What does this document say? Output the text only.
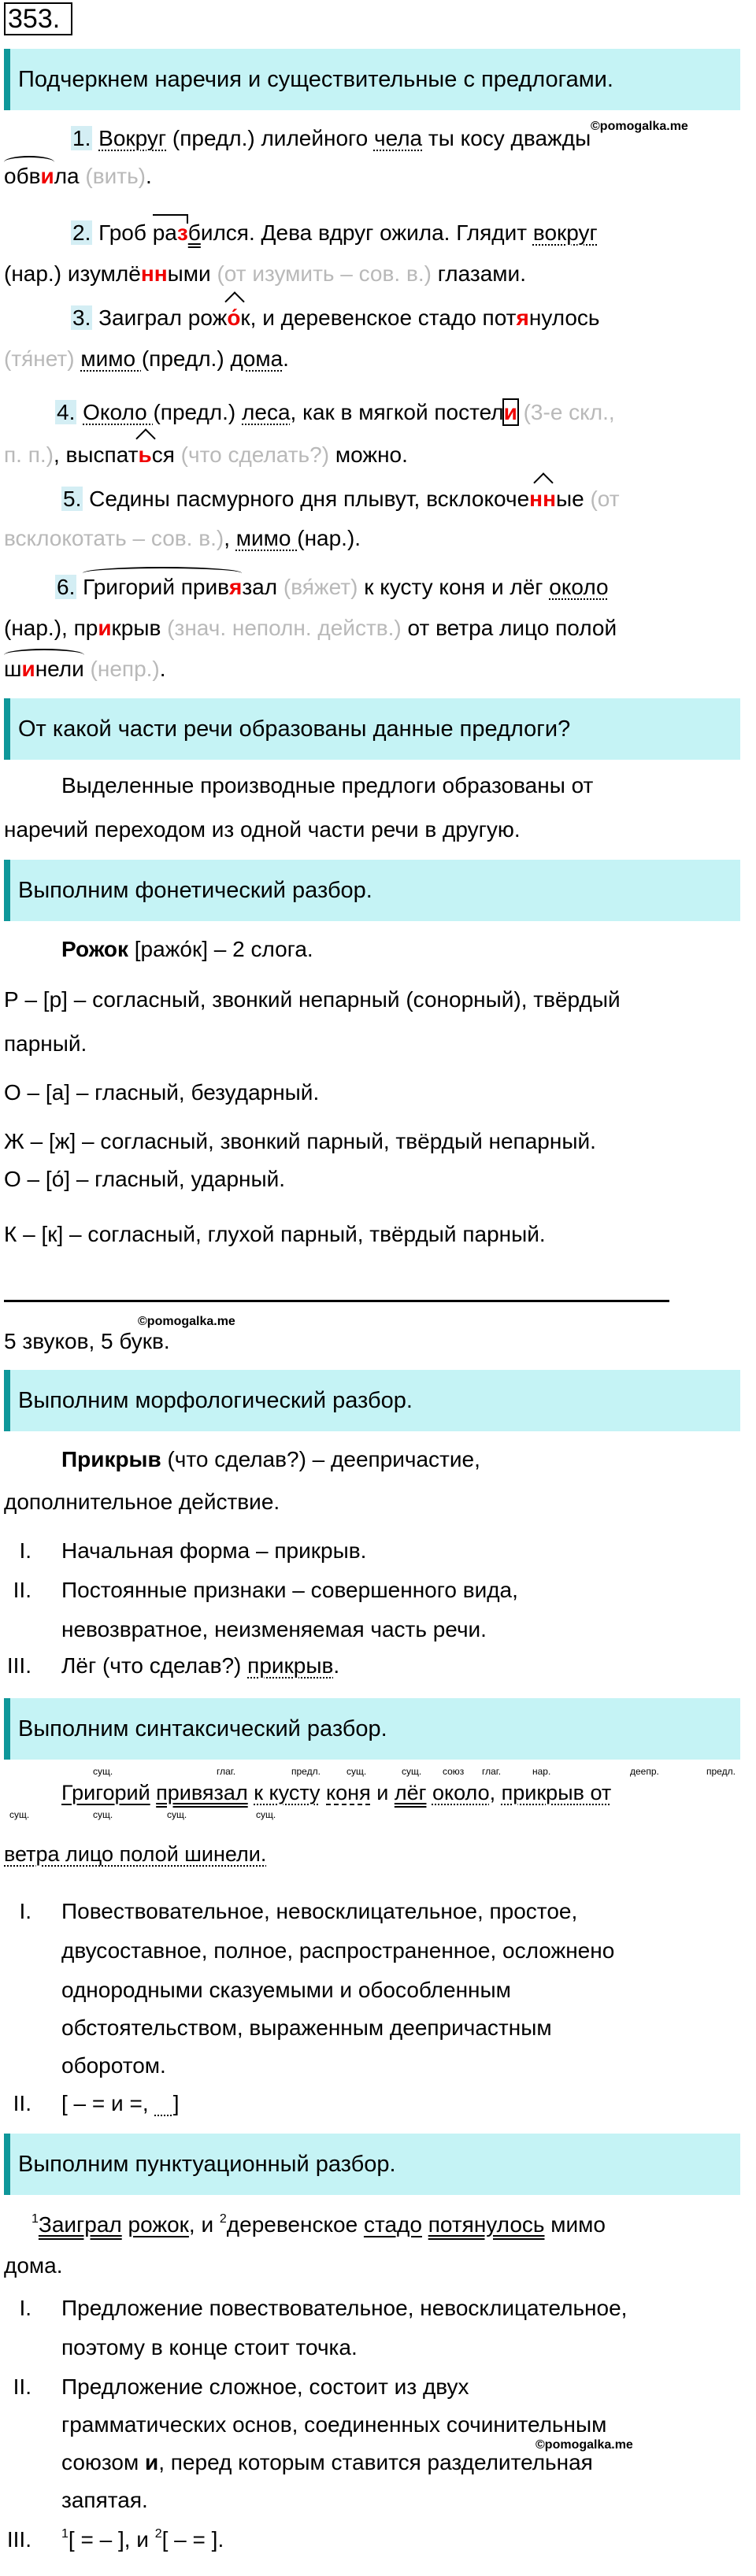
353.
Подчеркнем наречия и существительные с предлогами.
©pomogalka.me
1. Вокруг (предл.) лилейного чела ты косу дважды
обвила (вить).
2. Гроб разбился. Дева вдруг ожила. Глядит вокруг
(нар.) изумлёнными (от изумить – сов. в.) глазами.
3. Заиграл рожо́к, и деревенское стадо потянулось
(тя́нет) мимо (предл.) дома.
4. Около (предл.) леса, как в мягкой постели (3-е скл.,
п. п.), выспаться (что сделать?) можно.
5. Седины пасмурного дня плывут, всклокоченные (от
всклокотать – сов. в.), мимо (нар.).
6. Григорий привязал (вя́жет) к кусту коня и лёг около
(нар.), прикрыв (знач. неполн. действ.) от ветра лицо полой
шинели (непр.).
От какой части речи образованы данные предлоги?
Выделенные производные предлоги образованы от
наречий переходом из одной части речи в другую.
Выполним фонетический разбор.
Рожок [ражо́к] – 2 слога.
Р – [р] – согласный, звонкий непарный (сонорный), твёрдый
парный.
О – [а] – гласный, безударный.
Ж – [ж] – согласный, звонкий парный, твёрдый непарный.
О – [о́] – гласный, ударный.
К – [к] – согласный, глухой парный, твёрдый парный.
©pomogalka.me
5 звуков, 5 букв.
Выполним морфологический разбор.
Прикрыв (что сделав?) – деепричастие,
дополнительное действие.
I. Начальная форма – прикрыв.
II. Постоянные признаки – совершенного вида,
невозвратное, неизменяемая часть речи.
III. Лёг (что сделав?) прикрыв.
Выполним синтаксический разбор.
сущ.	глаг.	предл.	сущ.	сущ. союз глаг.	нар.	деепр.	предл.
Григорий привязал к кусту коня и лёг около, прикрыв от
сущ.	сущ.	сущ.	сущ.
ветра лицо полой шинели.
I. Повествовательное, невосклицательное, простое,
двусоставное, полное, распространенное, осложнено
однородными сказуемыми и обособленным
обстоятельством, выраженным деепричастным
оборотом.
II. [ – = и =,    ]
Выполним пунктуационный разбор.
$^1$Заиграл рожок, и $^2$деревенское стадо потянулось мимо
дома.
I. Предложение повествовательное, невосклицательное,
поэтому в конце стоит точка.
II. Предложение сложное, состоит из двух
грамматических основ, соединенных сочинительным
©pomogalka.me
союзом и, перед которым ставится разделительная
запятая.
III. $^1$[ = – ], и $^2$[ – = ].
